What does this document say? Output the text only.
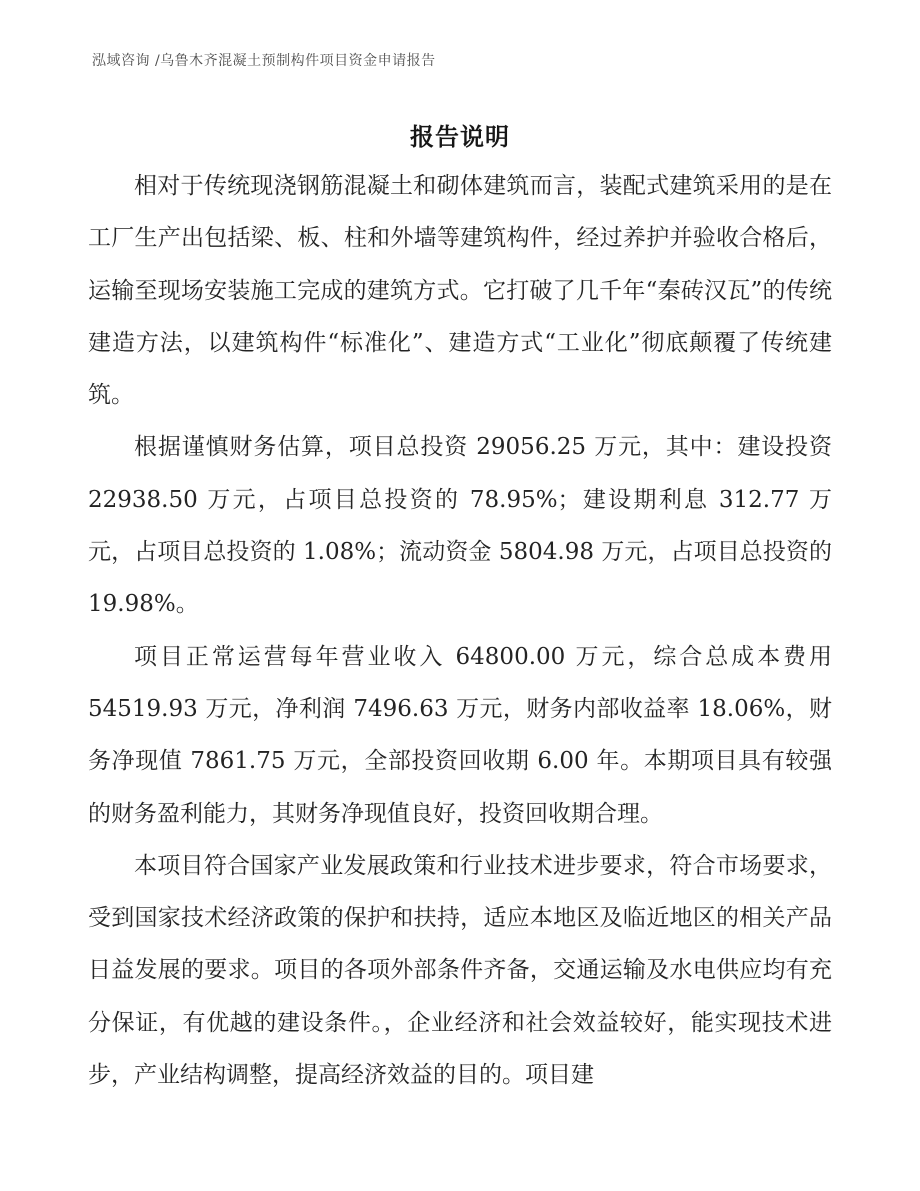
泓域咨询 /乌鲁木齐混凝土预制构件项目资金申请报告
报告说明

相对于传统现浇钢筋混凝土和砌体建筑而言，装配式建筑采用的是在工厂生产出包括梁、板、柱和外墙等建筑构件，经过养护并验收合格后，运输至现场安装施工完成的建筑方式。它打破了几千年“秦砖汉瓦”的传统建造方法，以建筑构件“标准化”、建造方式“工业化”彻底颠覆了传统建筑。

根据谨慎财务估算，项目总投资 29056.25 万元，其中：建设投资 22938.50 万元，占项目总投资的 78.95%；建设期利息 312.77 万元，占项目总投资的 1.08%；流动资金 5804.98 万元，占项目总投资的 19.98%。

项目正常运营每年营业收入 64800.00 万元，综合总成本费用 54519.93 万元，净利润 7496.63 万元，财务内部收益率 18.06%，财务净现值 7861.75 万元，全部投资回收期 6.00 年。本期项目具有较强的财务盈利能力，其财务净现值良好，投资回收期合理。

本项目符合国家产业发展政策和行业技术进步要求，符合市场要求，受到国家技术经济政策的保护和扶持，适应本地区及临近地区的相关产品日益发展的要求。项目的各项外部条件齐备，交通运输及水电供应均有充分保证，有优越的建设条件。，企业经济和社会效益较好，能实现技术进步，产业结构调整，提高经济效益的目的。项目建
